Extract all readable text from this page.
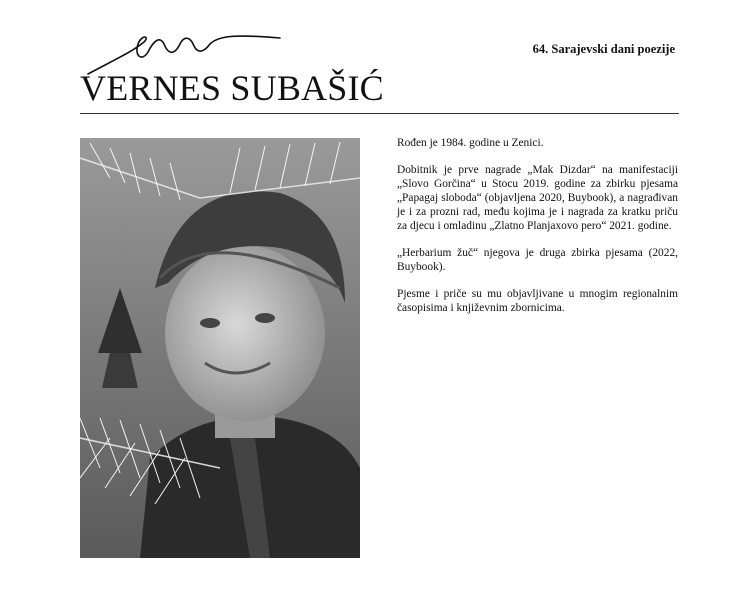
VERNES SUBAŠIĆ
64. Sarajevski dani poezije

Rođen je 1984. godine u Zenici.

Dobitnik je prve nagrade „Mak Dizdar“ na manifestaciji „Slovo Gorčina“ u Stocu 2019. godine za zbirku pjesama „Papagaj sloboda“ (objavljena 2020, Buybook), a nagrađivan je i za prozni rad, među kojima je i nagrada za kratku priču za djecu i omladinu „Zlatno Planjaxovo pero“ 2021. godine.

„Herbarium žuč“ njegova je druga zbirka pjesama (2022, Buybook).

Pjesme i priče su mu objavljivane u mnogim regionalnim časopisima i književnim zbornicima.
